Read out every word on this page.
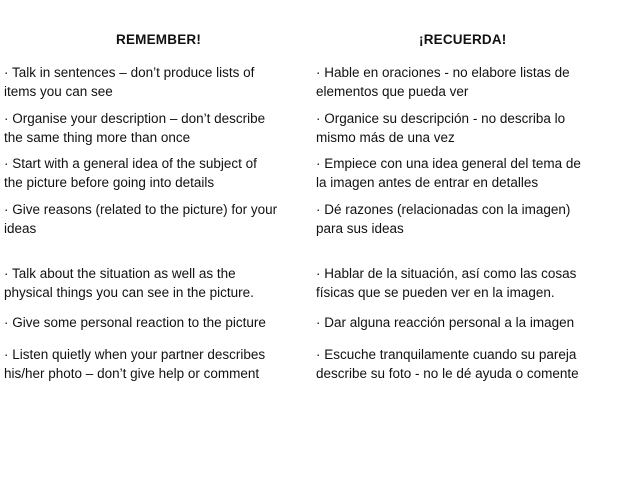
REMEMBER!
· Talk in sentences – don’t produce lists of
items you can see
· Organise your description – don’t describe
the same thing more than once
· Start with a general idea of the subject of
the picture before going into details
· Give reasons (related to the picture) for your
ideas
· Talk about the situation as well as the
physical things you can see in the picture.
· Give some personal reaction to the picture
· Listen quietly when your partner describes
his/her photo – don’t give help or comment
¡RECUERDA!
· Hable en oraciones - no elabore listas de
elementos que pueda ver
· Organice su descripción - no describa lo
mismo más de una vez
· Empiece con una idea general del tema de
la imagen antes de entrar en detalles
· Dé razones (relacionadas con la imagen)
para sus ideas
· Hablar de la situación, así como las cosas
físicas que se pueden ver en la imagen.
· Dar alguna reacción personal a la imagen
· Escuche tranquilamente cuando su pareja
describe su foto - no le dé ayuda o comente
